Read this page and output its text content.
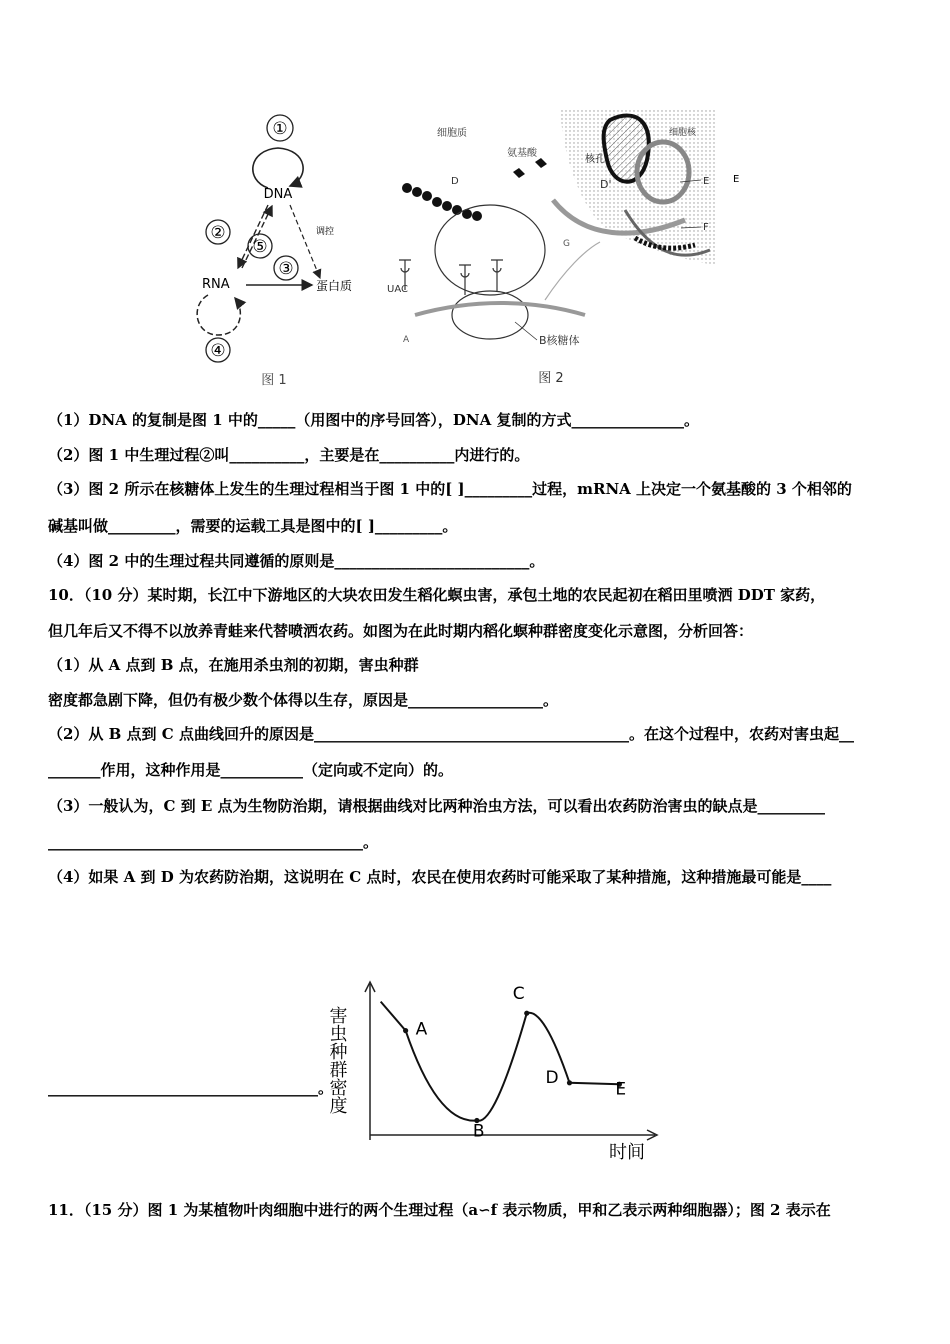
①
DNA
调控
②
⑤
③
RNA	蛋白质
④
图 1
细胞核
核孔
D'	E
E
F
细胞质
氨基酸
D
G
UAC
A	B核糖体
图 2
（1）DNA 的复制是图 1 中的_____（用图中的序号回答），DNA 复制的方式_______________。
（2）图 1 中生理过程②叫__________，主要是在__________内进行的。
（3）图 2 所示在核糖体上发生的生理过程相当于图 1 中的[ ]_________过程，mRNA 上决定一个氨基酸的 3 个相邻的
碱基叫做_________，需要的运载工具是图中的[ ]_________。
（4）图 2 中的生理过程共同遵循的原则是__________________________。
10．（10 分）某时期，长江中下游地区的大块农田发生稻化螟虫害，承包土地的农民起初在稻田里喷洒 DDT 家药，
但几年后又不得不以放养青蛙来代替喷洒农药。如图为在此时期内稻化螟种群密度变化示意图，分析回答：
（1）从 A 点到 B 点，在施用杀虫剂的初期，害虫种群
密度都急剧下降，但仍有极少数个体得以生存，原因是__________________。
（2）从 B 点到 C 点曲线回升的原因是__________________________________________。在这个过程中，农药对害虫起__
_______作用，这种作用是___________（定向或不定向）的。
（3）一般认为，C 到 E 点为生物防治期，请根据曲线对比两种治虫方法，可以看出农药防治害虫的缺点是_________
__________________________________________。
（4）如果 A 到 D 为农药防治期，这说明在 C 点时，农民在使用农药时可能采取了某种措施，这种措施最可能是____
____________________________________。
害虫种群密度
时间
A
B
C
D
E
11．（15 分）图 1 为某植物叶肉细胞中进行的两个生理过程（a∽f 表示物质，甲和乙表示两种细胞器）；图 2 表示在
